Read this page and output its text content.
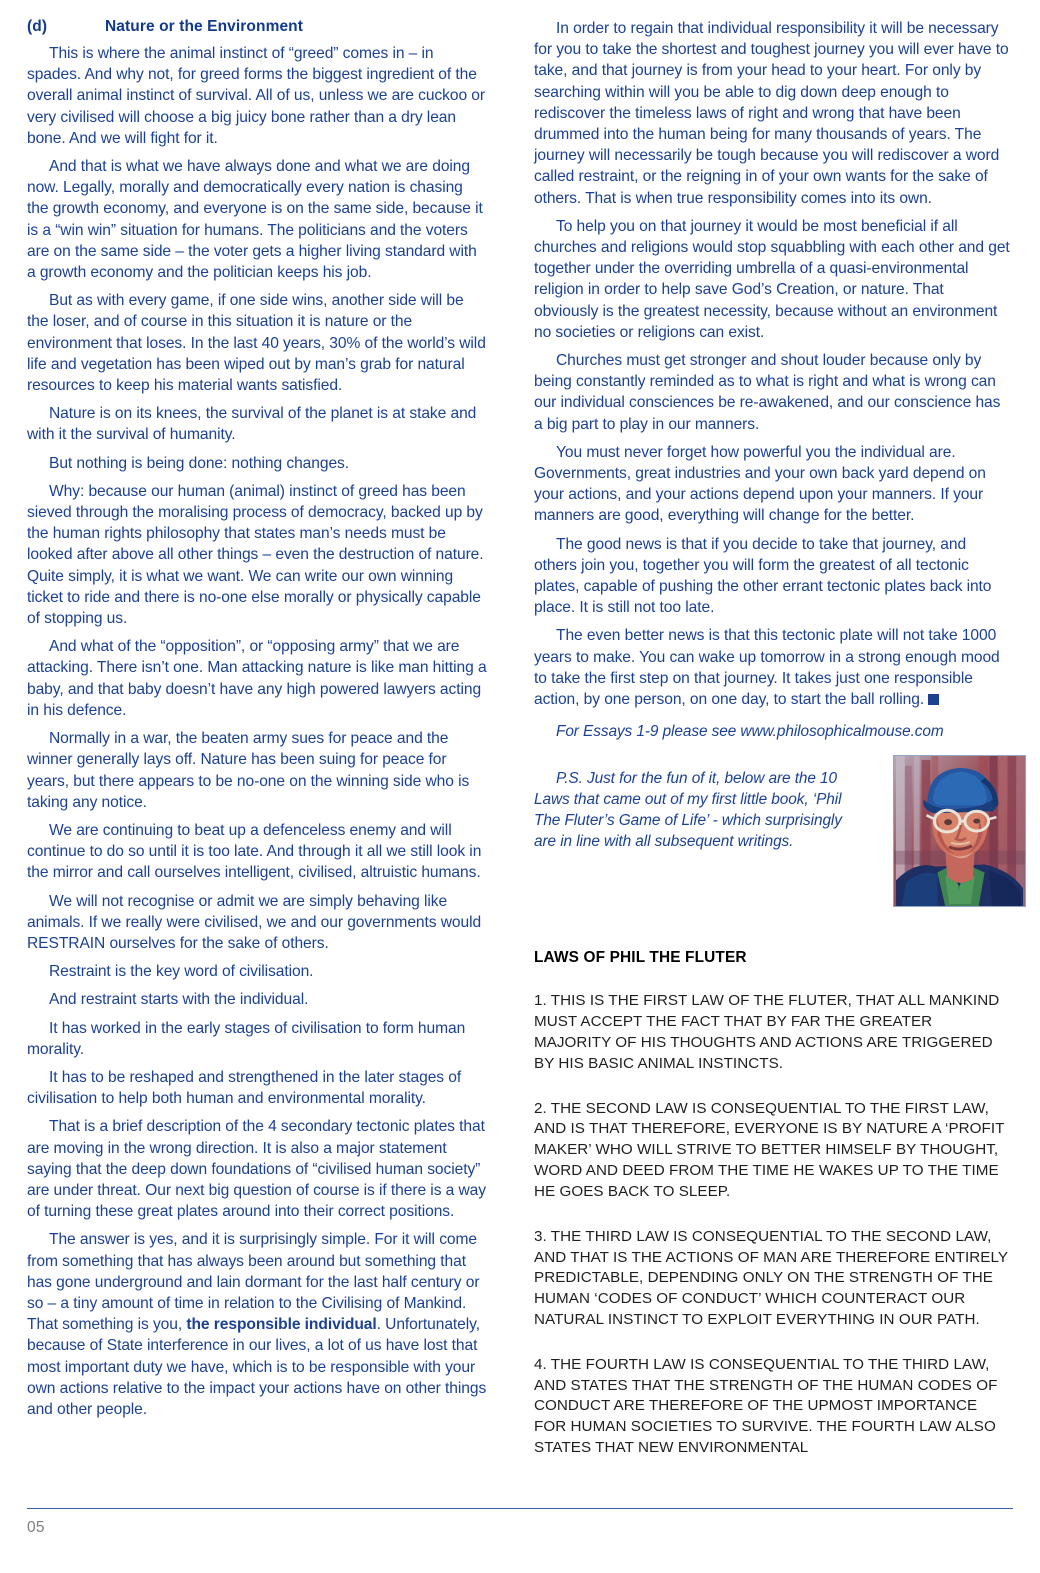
(d)	Nature or the Environment

This is where the animal instinct of “greed” comes in – in spades. And why not, for greed forms the biggest ingredient of the overall animal instinct of survival. All of us, unless we are cuckoo or very civilised will choose a big juicy bone rather than a dry lean bone. And we will fight for it.

And that is what we have always done and what we are doing now. Legally, morally and democratically every nation is chasing the growth economy, and everyone is on the same side, because it is a “win win” situation for humans. The politicians and the voters are on the same side – the voter gets a higher living standard with a growth economy and the politician keeps his job.

But as with every game, if one side wins, another side will be the loser, and of course in this situation it is nature or the environment that loses. In the last 40 years, 30% of the world’s wild life and vegetation has been wiped out by man’s grab for natural resources to keep his material wants satisfied.

Nature is on its knees, the survival of the planet is at stake and with it the survival of humanity.

But nothing is being done: nothing changes.

Why: because our human (animal) instinct of greed has been sieved through the moralising process of democracy, backed up by the human rights philosophy that states man’s needs must be looked after above all other things – even the destruction of nature. Quite simply, it is what we want. We can write our own winning ticket to ride and there is no-one else morally or physically capable of stopping us.

And what of the “opposition”, or “opposing army” that we are attacking. There isn’t one. Man attacking nature is like man hitting a baby, and that baby doesn’t have any high powered lawyers acting in his defence.

Normally in a war, the beaten army sues for peace and the winner generally lays off. Nature has been suing for peace for years, but there appears to be no-one on the winning side who is taking any notice.

We are continuing to beat up a defenceless enemy and will continue to do so until it is too late. And through it all we still look in the mirror and call ourselves intelligent, civilised, altruistic humans.

We will not recognise or admit we are simply behaving like animals. If we really were civilised, we and our governments would RESTRAIN ourselves for the sake of others.

Restraint is the key word of civilisation.

And restraint starts with the individual.

It has worked in the early stages of civilisation to form human morality.

It has to be reshaped and strengthened in the later stages of civilisation to help both human and environmental morality.

That is a brief description of the 4 secondary tectonic plates that are moving in the wrong direction. It is also a major statement saying that the deep down foundations of “civilised human society” are under threat. Our next big question of course is if there is a way of turning these great plates around into their correct positions.

The answer is yes, and it is surprisingly simple. For it will come from something that has always been around but something that has gone underground and lain dormant for the last half century or so – a tiny amount of time in relation to the Civilising of Mankind. That something is you, the responsible individual. Unfortunately, because of State interference in our lives, a lot of us have lost that most important duty we have, which is to be responsible with your own actions relative to the impact your actions have on other things and other people.

In order to regain that individual responsibility it will be necessary for you to take the shortest and toughest journey you will ever have to take, and that journey is from your head to your heart. For only by searching within will you be able to dig down deep enough to rediscover the timeless laws of right and wrong that have been drummed into the human being for many thousands of years. The journey will necessarily be tough because you will rediscover a word called restraint, or the reigning in of your own wants for the sake of others. That is when true responsibility comes into its own.

To help you on that journey it would be most beneficial if all churches and religions would stop squabbling with each other and get together under the overriding umbrella of a quasi-environmental religion in order to help save God’s Creation, or nature. That obviously is the greatest necessity, because without an environment no societies or religions can exist.

Churches must get stronger and shout louder because only by being constantly reminded as to what is right and what is wrong can our individual consciences be re-awakened, and our conscience has a big part to play in our manners.

You must never forget how powerful you the individual are. Governments, great industries and your own back yard depend on your actions, and your actions depend upon your manners. If your manners are good, everything will change for the better.

The good news is that if you decide to take that journey, and others join you, together you will form the greatest of all tectonic plates, capable of pushing the other errant tectonic plates back into place. It is still not too late.

The even better news is that this tectonic plate will not take 1000 years to make. You can wake up tomorrow in a strong enough mood to take the first step on that journey. It takes just one responsible action, by one person, on one day, to start the ball rolling.

For Essays 1-9 please see www.philosophicalmouse.com

P.S. Just for the fun of it, below are the 10 Laws that came out of my first little book, ‘Phil The Fluter’s Game of Life’ - which surprisingly are in line with all subsequent writings.

LAWS OF PHIL THE FLUTER

1. THIS IS THE FIRST LAW OF THE FLUTER, THAT ALL MANKIND MUST ACCEPT THE FACT THAT BY FAR THE GREATER MAJORITY OF HIS THOUGHTS AND ACTIONS ARE TRIGGERED BY HIS BASIC ANIMAL INSTINCTS.

2. THE SECOND LAW IS CONSEQUENTIAL TO THE FIRST LAW, AND IS THAT THEREFORE, EVERYONE IS BY NATURE A ‘PROFIT MAKER’ WHO WILL STRIVE TO BETTER HIMSELF BY THOUGHT, WORD AND DEED FROM THE TIME HE WAKES UP TO THE TIME HE GOES BACK TO SLEEP.

3. THE THIRD LAW IS CONSEQUENTIAL TO THE SECOND LAW, AND THAT IS THE ACTIONS OF MAN ARE THEREFORE ENTIRELY PREDICTABLE, DEPENDING ONLY ON THE STRENGTH OF THE HUMAN ‘CODES OF CONDUCT’ WHICH COUNTERACT OUR NATURAL INSTINCT TO EXPLOIT EVERYTHING IN OUR PATH.

4. THE FOURTH LAW IS CONSEQUENTIAL TO THE THIRD LAW, AND STATES THAT THE STRENGTH OF THE HUMAN CODES OF CONDUCT ARE THEREFORE OF THE UPMOST IMPORTANCE FOR HUMAN SOCIETIES TO SURVIVE. THE FOURTH LAW ALSO STATES THAT NEW ENVIRONMENTAL

05
